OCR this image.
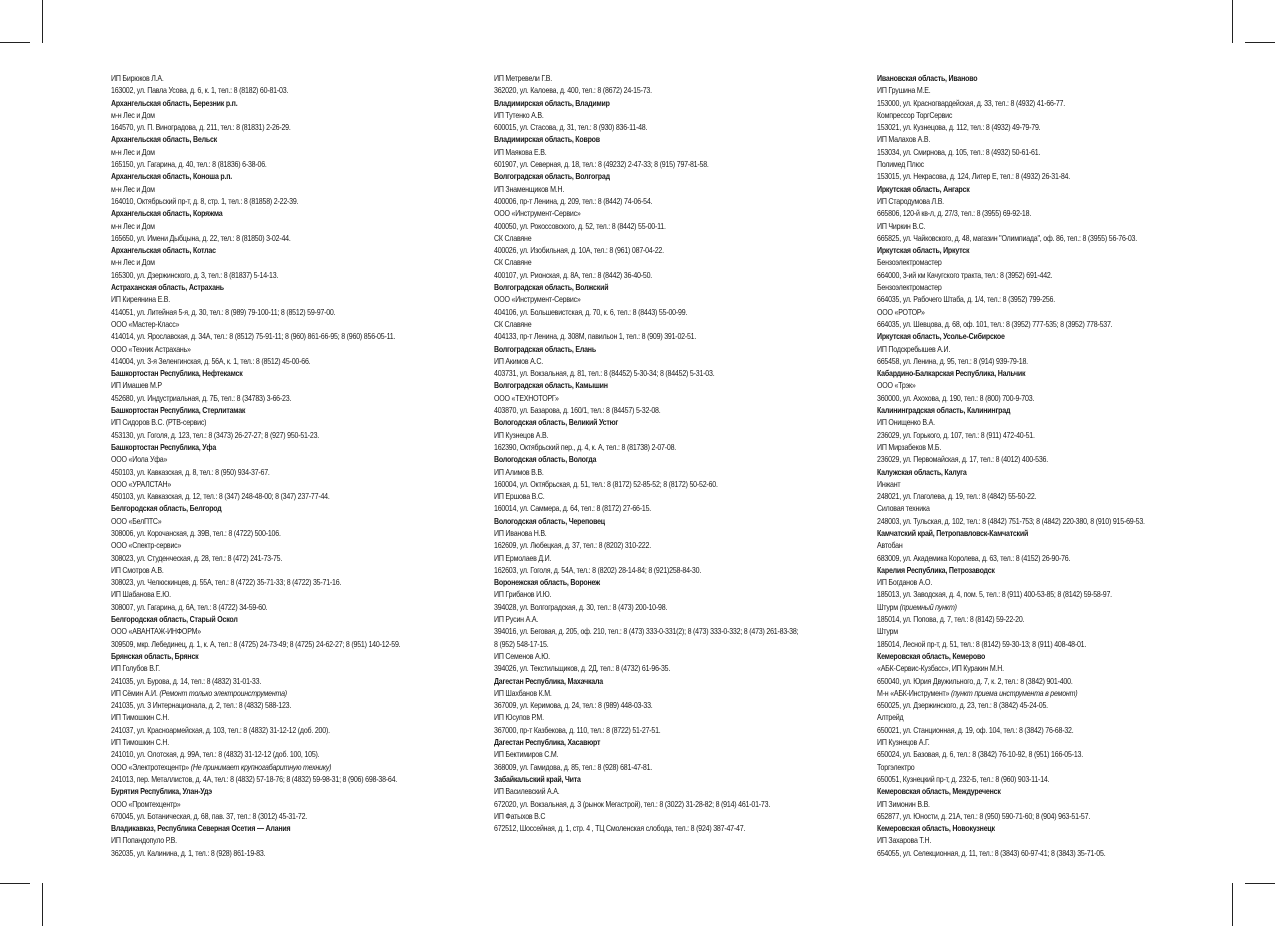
ИП Бирюков Л.А.
163002, ул. Павла Усова, д. 6, к. 1, тел.: 8 (8182) 60-81-03.
Архангельская область, Березник р.п.
м-н Лес и Дом
164570, ул. П. Виноградова, д. 211, тел.: 8 (81831) 2-26-29.
Архангельская область, Вельск
м-н Лес и Дом
165150, ул. Гагарина, д. 40, тел.: 8 (81836) 6-38-06.
Архангельская область, Коноша р.п.
м-н Лес и Дом
164010, Октябрьский пр-т, д. 8, стр. 1, тел.: 8 (81858) 2-22-39.
Архангельская область, Коряжма
м-н Лес и Дом
165650, ул. Имени Дыбцына, д. 22, тел.: 8 (81850) 3-02-44.
Архангельская область, Котлас
м-н Лес и Дом
165300, ул. Дзержинского, д. 3, тел.: 8 (81837) 5-14-13.
Астраханская область, Астрахань
ИП Киреянина Е.В.
414051, ул. Литейная 5-я, д. 30, тел.: 8 (989) 79-100-11; 8 (8512) 59-97-00.
ООО «Мастер-Класс»
414014, ул. Ярославская, д. 34А, тел.: 8 (8512) 75-91-11; 8 (960) 861-66-95; 8 (960) 856-05-11.
ООО «Техник Астрахань»
414004, ул. 3-я Зеленгинская, д. 56А, к. 1, тел.: 8 (8512) 45-00-66.
Башкортостан Республика, Нефтекамск
ИП Имашев М.Р
452680, ул. Индустриальная, д. 7Б, тел.: 8 (34783) 3-66-23.
Башкортостан Республика, Стерлитамак
ИП Сидоров В.С. (РТВ-сервис)
453130, ул. Гоголя, д. 123, тел.: 8 (3473) 26-27-27; 8 (927) 950-51-23.
Башкортостан Республика, Уфа
ООО «Иола Уфа»
450103, ул. Кавказская, д. 8, тел.: 8 (950) 934-37-67.
ООО «УРАЛСТАН»
450103, ул. Кавказская, д. 12, тел.: 8 (347) 248-48-00; 8 (347) 237-77-44.
Белгородская область, Белгород
ООО «БелПТС»
308006, ул. Корочанская, д. 39В, тел.: 8 (4722) 500-106.
ООО «Спектр-сервис»
308023, ул. Студенческая, д. 28, тел.: 8 (472) 241-73-75.
ИП Смотров А.В.
308023, ул. Челюскинцев, д. 55А, тел.: 8 (4722) 35-71-33; 8 (4722) 35-71-16.
ИП Шабанова Е.Ю.
308007, ул. Гагарина, д. 6А, тел.: 8 (4722) 34-59-60.
Белгородская область, Старый Оскол
ООО «АВАНТАЖ-ИНФОРМ»
309509, мкр. Лебединец, д. 1, к. А, тел.: 8 (4725) 24-73-49; 8 (4725) 24-62-27; 8 (951) 140-12-59.
Брянская область, Брянск
ИП Голубов В.Г.
241035, ул. Бурова, д. 14, тел.: 8 (4832) 31-01-33.
ИП Сёмин А.И. (Ремонт только электроинструмента)
241035, ул. 3 Интернационала, д. 2, тел.: 8 (4832) 588-123.
ИП Тимошкин С.Н.
241037, ул. Красноармейская, д. 103, тел.: 8 (4832) 31-12-12 (доб. 200).
ИП Тимошкин С.Н.
241010, ул. Олотская, д. 99А, тел.: 8 (4832) 31-12-12 (доб. 100, 105).
ООО «Электротехцентр» (Не принимает крупногабаритную технику)
241013, пер. Металлистов, д. 4А, тел.: 8 (4832) 57-18-76; 8 (4832) 59-98-31; 8 (906) 698-38-64.
Бурятия Республика, Улан-Удэ
ООО «Промтехцентр»
670045, ул. Ботаническая, д. 68, пав. 37, тел.: 8 (3012) 45-31-72.
Владикавказ, Республика Северная Осетия — Алания
ИП Попандопуло Р.В.
362035, ул. Калинина, д. 1, тел.: 8 (928) 861-19-83.
ИП Метревели Г.В.
362020, ул. Калоева, д. 400, тел.: 8 (8672) 24-15-73.
Владимирская область, Владимир
ИП Тутенко А.В.
600015, ул. Стасова, д. 31, тел.: 8 (930) 836-11-48.
Владимирская область, Ковров
ИП Маякова Е.В.
601907, ул. Северная, д. 18, тел.: 8 (49232) 2-47-33; 8 (915) 797-81-58.
Волгоградская область, Волгоград
ИП Знаменщиков М.Н.
400006, пр-т Ленина, д. 209, тел.: 8 (8442) 74-06-54.
ООО «Инструмент-Сервис»
400050, ул. Рокоссовского, д. 52, тел.: 8 (8442) 55-00-11.
СК Славяне
400026, ул. Изобильная, д. 10А, тел.: 8 (961) 087-04-22.
СК Славяне
400107, ул. Рионская, д. 8А, тел.: 8 (8442) 36-40-50.
Волгоградская область, Волжский
ООО «Инструмент-Сервис»
404106, ул. Большевистская, д. 70, к. 6, тел.: 8 (8443) 55-00-99.
СК Славяне
404133, пр-т Ленина, д. 308М, павильон 1, тел.: 8 (909) 391-02-51.
Волгоградская область, Елань
ИП Акимов А.С.
403731, ул. Вокзальная, д. 81, тел.: 8 (84452) 5-30-34; 8 (84452) 5-31-03.
Волгоградская область, Камышин
ООО «ТЕХНОТОРГ»
403870, ул. Базарова, д. 160/1, тел.: 8 (84457) 5-32-08.
Вологодская область, Великий Устюг
ИП Кузнецов А.В.
162390, Октябрьский пер., д. 4, к. А, тел.: 8 (81738) 2-07-08.
Вологодская область, Вологда
ИП Алимов В.В.
160004, ул. Октябрьская, д. 51, тел.: 8 (8172) 52-85-52; 8 (8172) 50-52-60.
ИП Ершова В.С.
160014, ул. Саммера, д. 64, тел.: 8 (8172) 27-66-15.
Вологодская область, Череповец
ИП Иванова Н.В.
162609, ул. Любецкая, д. 37, тел.: 8 (8202) 310-222.
ИП Ермолаев Д.И.
162603, ул. Гоголя, д. 54А, тел.: 8 (8202) 28-14-84; 8 (921)258-84-30.
Воронежская область, Воронеж
ИП Грибанов И.Ю.
394028, ул. Волгоградская, д. 30, тел.: 8 (473) 200-10-98.
ИП Русин А.А.
394016, ул. Беговая, д. 205, оф. 210, тел.: 8 (473) 333-0-331(2); 8 (473) 333-0-332; 8 (473) 261-83-38;
8 (952) 548-17-15.
ИП Семенов А.Ю.
394026, ул. Текстильщиков, д. 2Д, тел.: 8 (4732) 61-96-35.
Дагестан Республика, Махачкала
ИП Шахбанов К.М.
367009, ул. Керимова, д. 24, тел.: 8 (989) 448-03-33.
ИП Юсупов Р.М.
367000, пр-т Казбекова, д. 110, тел.: 8 (8722) 51-27-51.
Дагестан Республика, Хасавюрт
ИП Бектимиров С.М.
368009, ул. Гамидова, д. 85, тел.: 8 (928) 681-47-81.
Забайкальский край, Чита
ИП Василевский А.А.
672020, ул. Вокзальная, д. 3 (рынок Мегастрой), тел.: 8 (3022) 31-28-82; 8 (914) 461-01-73.
ИП Фатыхов В.С
672512, Шоссейная, д. 1, стр. 4 , ТЦ Смоленская слобода, тел.: 8 (924) 387-47-47.
Ивановская область, Иваново
ИП Грушина М.Е.
153000, ул. Красногвардейская, д. 33, тел.: 8 (4932) 41-66-77.
Компрессор ТоргСервис
153021, ул. Кузнецова, д. 112, тел.: 8 (4932) 49-79-79.
ИП Малахов А.В.
153034, ул. Смирнова, д. 105, тел.: 8 (4932) 50-61-61.
Полимед Плюс
153015, ул. Некрасова, д. 124, Литер Е, тел.: 8 (4932) 26-31-84.
Иркутская область, Ангарск
ИП Стародумова Л.В.
665806, 120-й кв-л, д. 27/3, тел.: 8 (3955) 69-92-18.
ИП Чиркин В.С.
665825, ул. Чайковского, д. 48, магазин "Олимпиада", оф. 86, тел.: 8 (3955) 56-76-03.
Иркутская область, Иркутск
Бензоэлектромастер
664000, 3-ий км Качугского тракта, тел.: 8 (3952) 691-442.
Бензоэлектромастер
664035, ул. Рабочего Штаба, д. 1/4, тел.: 8 (3952) 799-256.
ООО «РОТОР»
664035, ул. Шевцова, д. 68, оф. 101, тел.: 8 (3952) 777-535; 8 (3952) 778-537.
Иркутская область, Усолье-Сибирское
ИП Подскребышев А.И.
665458, ул. Ленина, д. 95, тел.: 8 (914) 939-79-18.
Кабардино-Балкарская Республика, Нальчик
ООО «Трэк»
360000, ул. Ахохова, д. 190, тел.: 8 (800) 700-9-703.
Калининградская область, Калининград
ИП Онищенко В.А.
236029, ул. Горького, д. 107, тел.: 8 (911) 472-40-51.
ИП Мирзабеков М.Б.
236029, ул. Первомайская, д. 17, тел.: 8 (4012) 400-536.
Калужская область, Калуга
Инжант
248021, ул. Глаголева, д. 19, тел.: 8 (4842) 55-50-22.
Силовая техника
248003, ул. Тульская, д. 102, тел.: 8 (4842) 751-753; 8 (4842) 220-380, 8 (910) 915-69-53.
Камчатский край, Петропавловск-Камчатский
Автобан
683009, ул. Академика Королева, д. 63, тел.: 8 (4152) 26-90-76.
Карелия Республика, Петрозаводск
ИП Богданов А.О.
185013, ул. Заводская, д. 4, пом. 5, тел.: 8 (911) 400-53-85; 8 (8142) 59-58-97.
Штурм (приемный пункт)
185014, ул. Попова, д. 7, тел.: 8 (8142) 59-22-20.
Штурм
185014, Лесной пр-т, д. 51, тел.: 8 (8142) 59-30-13; 8 (911) 408-48-01.
Кемеровская область, Кемерово
«АБК-Сервис-Кузбасс», ИП Куракин М.Н.
650040, ул. Юрия Двужильного, д. 7, к. 2, тел.: 8 (3842) 901-400.
М-н «АБК-Инструмент» (пункт приема инструмента в ремонт)
650025, ул. Дзержинского, д. 23, тел.: 8 (3842) 45-24-05.
Алтрейд
650021, ул. Станционная, д. 19, оф. 104, тел.: 8 (3842) 76-68-32.
ИП Кузнецов А.Г.
650024, ул. Базовая, д. 6, тел.: 8 (3842) 76-10-92, 8 (951) 166-05-13.
Торгэлектро
650051, Кузнецкий пр-т, д. 232-Б, тел.: 8 (960) 903-11-14.
Кемеровская область, Междуреченск
ИП Зимонин В.В.
652877, ул. Юности, д. 21А, тел.: 8 (950) 590-71-60; 8 (904) 963-51-57.
Кемеровская область, Новокузнецк
ИП Захарова Т.Н.
654055, ул. Селекционная, д. 11, тел.: 8 (3843) 60-97-41; 8 (3843) 35-71-05.
